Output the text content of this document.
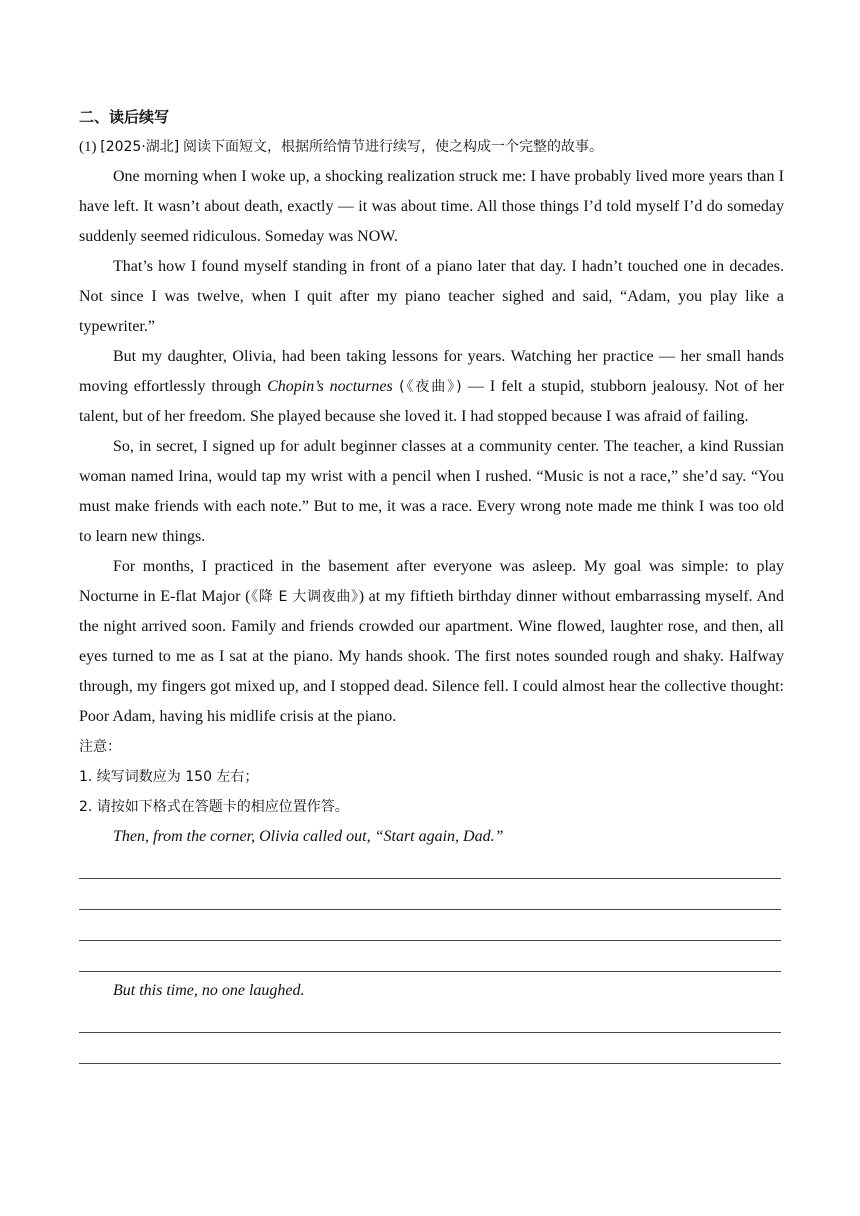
二、读后续写

(1) [2025·湖北] 阅读下面短文，根据所给情节进行续写，使之构成一个完整的故事。

One morning when I woke up, a shocking realization struck me: I have probably lived more years than I have left. It wasn’t about death, exactly — it was about time. All those things I’d told myself I’d do someday suddenly seemed ridiculous. Someday was NOW.

That’s how I found myself standing in front of a piano later that day. I hadn’t touched one in decades. Not since I was twelve, when I quit after my piano teacher sighed and said, “Adam, you play like a typewriter.”

But my daughter, Olivia, had been taking lessons for years. Watching her practice — her small hands moving effortlessly through Chopin’s nocturnes (《夜曲》) — I felt a stupid, stubborn jealousy. Not of her talent, but of her freedom. She played because she loved it. I had stopped because I was afraid of failing.

So, in secret, I signed up for adult beginner classes at a community center. The teacher, a kind Russian woman named Irina, would tap my wrist with a pencil when I rushed. “Music is not a race,” she’d say. “You must make friends with each note.” But to me, it was a race. Every wrong note made me think I was too old to learn new things.

For months, I practiced in the basement after everyone was asleep. My goal was simple: to play Nocturne in E-flat Major (《降 E 大调夜曲》) at my fiftieth birthday dinner without embarrassing myself. And the night arrived soon. Family and friends crowded our apartment. Wine flowed, laughter rose, and then, all eyes turned to me as I sat at the piano. My hands shook. The first notes sounded rough and shaky. Halfway through, my fingers got mixed up, and I stopped dead. Silence fell. I could almost hear the collective thought: Poor Adam, having his midlife crisis at the piano.

注意：

1. 续写词数应为 150 左右；

2. 请按如下格式在答题卡的相应位置作答。

Then, from the corner, Olivia called out, “Start again, Dad.”

But this time, no one laughed.
